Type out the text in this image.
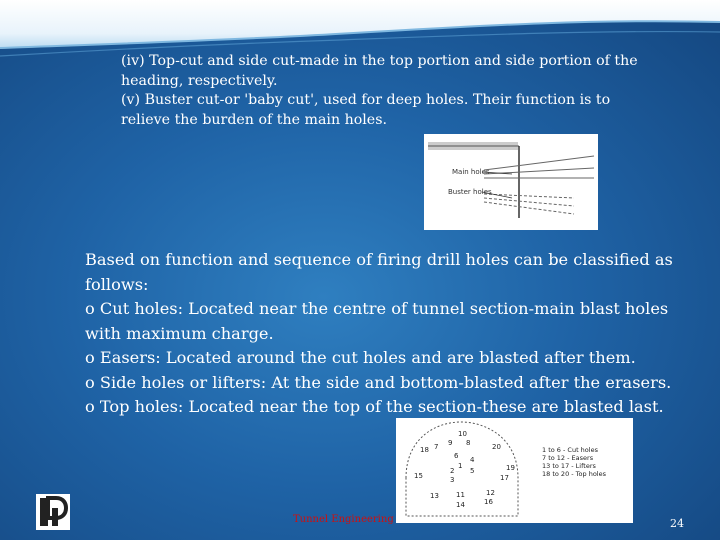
(iv) Top-cut and side cut-made in the top portion and side portion of the
heading, respectively.
(v) Buster cut-or 'baby cut', used for deep holes. Their function is to
relieve the burden of the main holes.
Main holes
Buster holes
Based on function and sequence of firing drill holes can be classified as
follows:
o Cut holes: Located near the centre of tunnel section-main blast holes
with maximum charge.
o Easers: Located around the cut holes and are blasted after them.
o Side holes or lifters: At the side and bottom-blasted after the erasers.
o Top holes: Located near the top of the section-these are blasted last.
10
9 8
7	20
18
6 4
1
5
2
3
19
16
17
13 11	12
14
15
1 to 6 - Cut holes
7 to 12 - Easers
13 to 17 - Lifters
18 to 20 - Top holes
Tunnel Engineering	24
